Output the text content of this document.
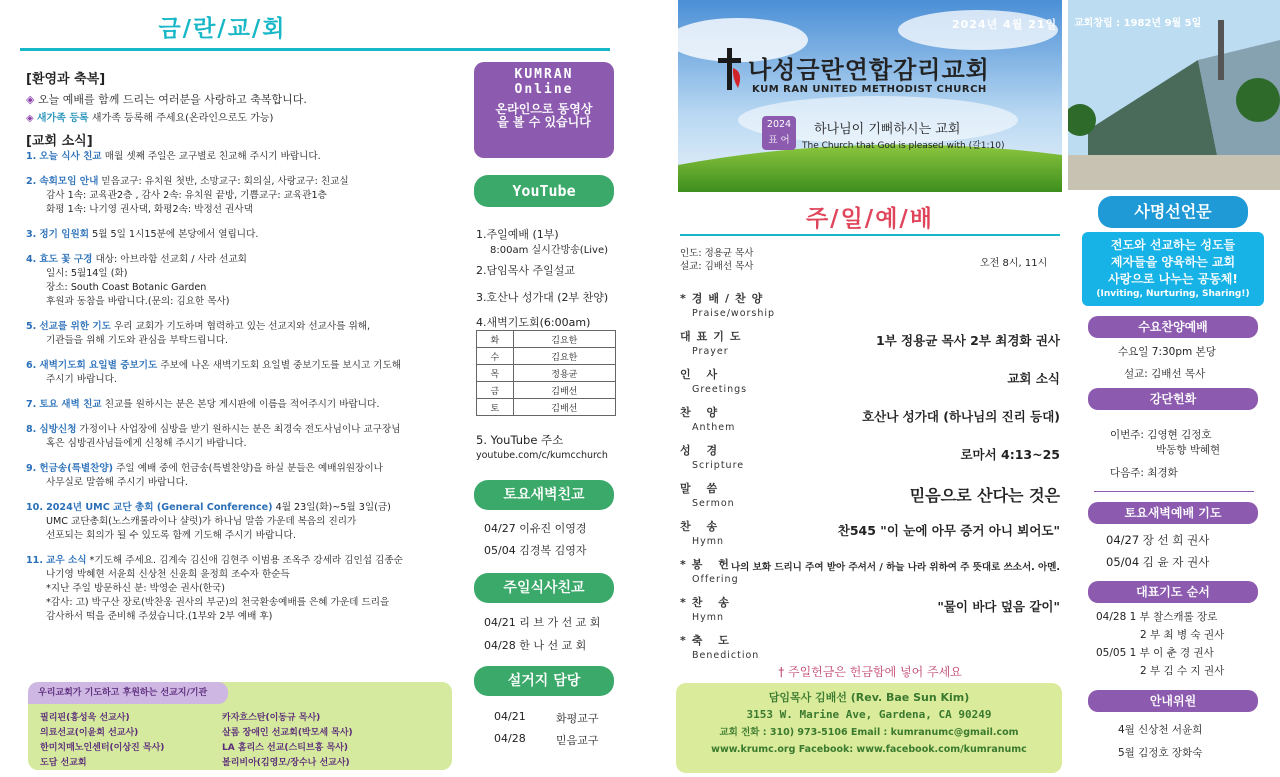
금/란/교/회
[환영과 축복]
◈ 오늘 예배를 함께 드리는 여러분을 사랑하고 축복합니다.
◈ 새가족 등록 새가족 등록해 주세요(온라인으로도 가능)
[교회 소식]
1. 오늘 식사 친교 매월 셋째 주일은 교구별로 친교해 주시기 바랍니다.
2. 속회모임 안내 믿음교구: 유치원 첫반, 소망교구: 회의실, 사랑교구: 친교실
감사 1속: 교육관2층 , 감사 2속: 유치원 끝방, 기쁨교구: 교육관1층
화평 1속: 나기영 권사댁, 화평2속: 박정선 권사댁
3. 정기 임원회 5월 5일 1시15분에 본당에서 열립니다.
4. 효도 꽃 구경 대상: 아브라함 선교회 / 사라 선교회
일시: 5월14일 (화)
장소: South Coast Botanic Garden
후원과 동참을 바랍니다.(문의: 김요한 목사)
5. 선교를 위한 기도 우리 교회가 기도하며 협력하고 있는 선교지와 선교사를 위해,
기관들을 위해 기도와 관심을 부탁드립니다.
6. 새벽기도회 요일별 중보기도 주보에 나온 새벽기도회 요일별 중보기도를 보시고 기도해
주시기 바랍니다.
7. 토요 새벽 친교 친교를 원하시는 분은 본당 게시판에 이름을 적어주시기 바랍니다.
8. 심방신청 가정이나 사업장에 심방을 받기 원하시는 분은 최경숙 전도사님이나 교구장님
혹은 심방권사님들에게 신청해 주시기 바랍니다.
9. 헌금송(특별찬양) 주일 예배 중에 헌금송(특별찬양)을 하실 분들은 예배위원장이나
사무실로 말씀해 주시기 바랍니다.
10. 2024년 UMC 교단 총회 (General Conference) 4월 23일(화)~5월 3일(금)
UMC 교단총회(노스캐롤라이나 샬럿)가 하나님 말씀 가운데 복음의 진리가
선포되는 회의가 될 수 있도록 함께 기도해 주시기 바랍니다.
11. 교우 소식 *기도해 주세요. 김계숙 김신애 김현주 이범용 조옥주 강세라 김인섭 김종순
나기영 박혜현 서윤희 신상천 신윤희 윤정희 조수자 한순득
*지난 주일 방문하신 분: 박영순 권사(한국)
*감사: 고) 박구산 장로(박찬웅 권사의 부군)의 천국환송예배를 은혜 가운데 드리을
감사하서 떡을 준비해 주셨습니다.(1부와 2부 예배 후)
우리교회가 기도하고 후원하는 선교지/기관
필리핀(홍성욱 선교사)	카자흐스탄(이동규 목사)
의료선교(이윤희 선교사)	살롬 장애인 선교회(박모세 목사)
한미치매노인센터(이상진 목사)	LA 홈리스 선교(스티브홍 목사)
도담 선교회	볼리비아(김영모/장수나 선교사)
KUMRAN
Online
온라인으로 동영상을 볼 수 있습니다
YouTube
1.주일예배 (1부)
8:00am 실시간방송(Live)
2.담임목사 주일설교
3.호산나 성가대 (2부 찬양)
4.새벽기도회(6:00am)
화	김요한
수	김요한
목	정용균
금	김배선
토	김배선
5. YouTube 주소
youtube.com/c/kumcchurch
토요새벽친교
04/27 이유진 이영경
05/04 김경복 김영자
주일식사친교
04/21 리 브 가 선 교 회
04/28 한 나 선 교 회
설거지 담당
04/21	화평교구
04/28	믿음교구
2024년 4월 21일
나성금란연합감리교회
KUM RAN UNITED METHODIST CHURCH
2024
표 어
하나님이 기뻐하시는 교회
The Church that God is pleased with (갈1:10)
주/일/예/배
인도: 정용균 목사
설교: 김배선 목사	오전 8시, 11시
*경배/찬양
Praise/worship
대표기도
Prayer
1부 정용균 목사 2부 최경화 권사
인 사
Greetings
교회 소식
찬 양
Anthem
호산나 성가대 (하나님의 진리 등대)
성 경
Scripture
로마서 4:13~25
말 씀
Sermon	믿음으로 산다는 것은
찬 송
Hymn
찬545 "이 눈에 아무 증거 아니 뵈어도"
*봉 헌
Offering
나의 보화 드리니 주여 받아 주셔서 / 하늘 나라 위하여 주 뜻대로 쓰소서. 아멘.
*찬 송
Hymn
"물이 바다 덮음 같이"
*축 도
Benediction
† 주일헌금은 헌금함에 넣어 주세요
담임목사 김배선 (Rev. Bae Sun Kim)
3153 W. Marine Ave, Gardena, CA 90249
교회 전화 : 310) 973-5106 Email : kumranumc@gmail.com
www.krumc.org Facebook: www.facebook.com/kumranumc
교회창립 : 1982년 9월 5일
사명선언문
전도와 선교하는 성도들
제자들을 양육하는 교회
사랑으로 나누는 공동체!
(Inviting, Nurturing, Sharing!)
수요찬양예배
수요일 7:30pm 본당
설교: 김배선 목사
강단헌화
이번주: 김영현 김정호
박동향 박혜현
다음주: 최경화
토요새벽예배 기도
04/27 장 선 희 권사
05/04 김 윤 자 권사
대표기도 순서
04/28 1 부 찰스캐롤 장로
2 부 최 병 숙 권사
05/05 1 부 이 춘 경 권사
2 부 김 수 지 권사
안내위원
4월 신상천 서윤희
5월 김정호 장화숙
